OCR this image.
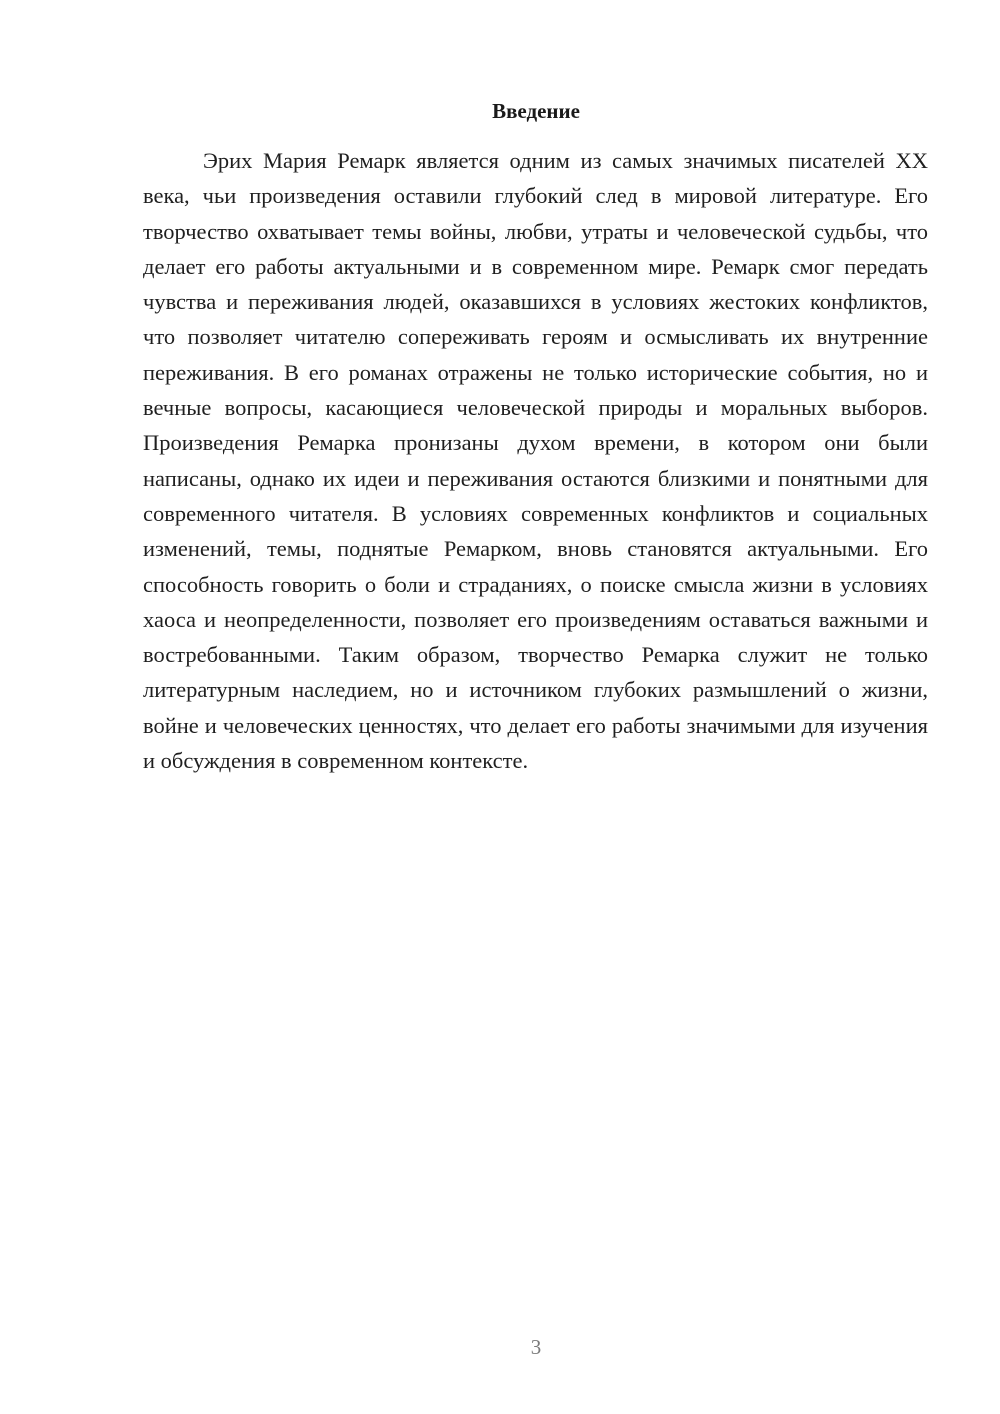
Введение

Эрих Мария Ремарк является одним из самых значимых писателей XX века, чьи произведения оставили глубокий след в мировой литературе. Его творчество охватывает темы войны, любви, утраты и человеческой судьбы, что делает его работы актуальными и в современном мире. Ремарк смог передать чувства и переживания людей, оказавшихся в условиях жестоких конфликтов, что позволяет читателю сопереживать героям и осмысливать их внутренние переживания. В его романах отражены не только исторические события, но и вечные вопросы, касающиеся человеческой природы и моральных выборов. Произведения Ремарка пронизаны духом времени, в котором они были написаны, однако их идеи и переживания остаются близкими и понятными для современного читателя. В условиях современных конфликтов и социальных изменений, темы, поднятые Ремарком, вновь становятся актуальными. Его способность говорить о боли и страданиях, о поиске смысла жизни в условиях хаоса и неопределенности, позволяет его произведениям оставаться важными и востребованными. Таким образом, творчество Ремарка служит не только литературным наследием, но и источником глубоких размышлений о жизни, войне и человеческих ценностях, что делает его работы значимыми для изучения и обсуждения в современном контексте.

3
